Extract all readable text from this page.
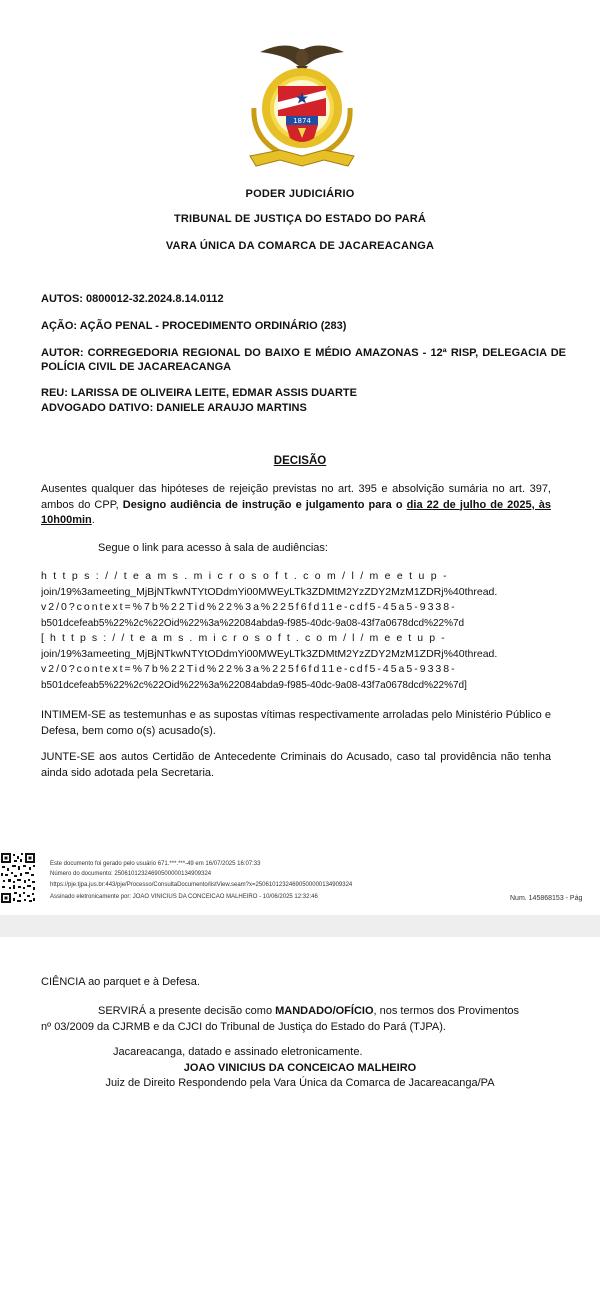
1874
PODER JUDICIÁRIO
TRIBUNAL DE JUSTIÇA DO ESTADO DO PARÁ
VARA ÚNICA DA COMARCA DE JACAREACANGA
AUTOS: 0800012-32.2024.8.14.0112
AÇÃO: AÇÃO PENAL - PROCEDIMENTO ORDINÁRIO (283)
AUTOR: CORREGEDORIA REGIONAL DO BAIXO E MÉDIO AMAZONAS - 12ª RISP, DELEGACIA DE POLÍCIA CIVIL DE JACAREACANGA
REU: LARISSA DE OLIVEIRA LEITE, EDMAR ASSIS DUARTE
ADVOGADO DATIVO: DANIELE ARAUJO MARTINS
DECISÃO
Ausentes qualquer das hipóteses de rejeição previstas no art. 395 e absolvição sumária no art. 397, ambos do CPP, Designo audiência de instrução e julgamento para o dia 22 de julho de 2025, às 10h00min.
Segue o link para acesso à sala de audiências:
https://teams.microsoft.com/l/meetup-
join/19%3ameeting_MjBjNTkwNTYtODdmYi00MWEyLTk3ZDMtM2YzZDY2MzM1ZDRj%40thread.
v2/0?context=%7b%22Tid%22%3a%225f6fd11e-cdf5-45a5-9338-
b501dcefeab5%22%2c%22Oid%22%3a%22084abda9-f985-40dc-9a08-43f7a0678dcd%22%7d
[https://teams.microsoft.com/l/meetup-
join/19%3ameeting_MjBjNTkwNTYtODdmYi00MWEyLTk3ZDMtM2YzZDY2MzM1ZDRj%40thread.
v2/0?context=%7b%22Tid%22%3a%225f6fd11e-cdf5-45a5-9338-
b501dcefeab5%22%2c%22Oid%22%3a%22084abda9-f985-40dc-9a08-43f7a0678dcd%22%7d]
INTIMEM-SE as testemunhas e as supostas vítimas respectivamente arroladas pelo Ministério Público e Defesa, bem como o(s) acusado(s).
JUNTE-SE aos autos Certidão de Antecedente Criminais do Acusado, caso tal providência não tenha ainda sido adotada pela Secretaria.
Este documento foi gerado pelo usuário 671.***.***-49 em 16/07/2025 16:07:33
Número do documento: 25061012324690500000134909324
https://pje.tjpa.jus.br:443/pje/Processo/ConsultaDocumento/listView.seam?x=25061012324690500000134909324
Assinado eletronicamente por: JOAO VINICIUS DA CONCEICAO MALHEIRO - 10/06/2025 12:32:46	Num. 145868153 - Pág
CIÊNCIA ao parquet e à Defesa.
SERVIRÁ a presente decisão como MANDADO/OFÍCIO, nos termos dos Provimentos
nº 03/2009 da CJRMB e da CJCI do Tribunal de Justiça do Estado do Pará (TJPA).
Jacareacanga, datado e assinado eletronicamente.
JOAO VINICIUS DA CONCEICAO MALHEIRO
Juiz de Direito Respondendo pela Vara Única da Comarca de Jacareacanga/PA
